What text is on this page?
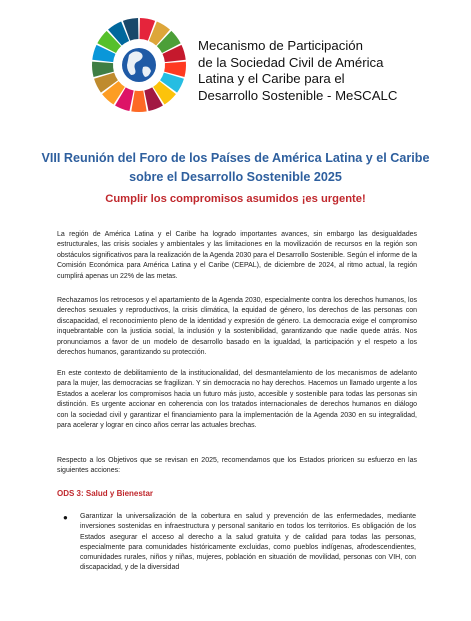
Mecanismo de Participación
de la Sociedad Civil de América
Latina y el Caribe para el
Desarrollo Sostenible - MeSCALC
VIII Reunión del Foro de los Países de América Latina y el Caribe sobre el Desarrollo Sostenible 2025
Cumplir los compromisos asumidos ¡es urgente!
La región de América Latina y el Caribe ha logrado importantes avances, sin embargo las desigualdades estructurales, las crisis sociales y ambientales y las limitaciones en la movilización de recursos en la región son obstáculos significativos para la realización de la Agenda 2030 para el Desarrollo Sostenible. Según el informe de la Comisión Económica para América Latina y el Caribe (CEPAL), de diciembre de 2024, al ritmo actual, la región cumplirá apenas un 22% de las metas.
Rechazamos los retrocesos y el apartamiento de la Agenda 2030, especialmente contra los derechos humanos, los derechos sexuales y reproductivos, la crisis climática, la equidad de género, los derechos de las personas con discapacidad, el reconocimiento pleno de la identidad y expresión de género. La democracia exige el compromiso inquebrantable con la justicia social, la inclusión y la sostenibilidad, garantizando que nadie quede atrás. Nos pronunciamos a favor de un modelo de desarrollo basado en la igualdad, la participación y el respeto a los derechos humanos, garantizando su protección.
En este contexto de debilitamiento de la institucionalidad, del desmantelamiento de los mecanismos de adelanto para la mujer, las democracias se fragilizan. Y sin democracia no hay derechos. Hacemos un llamado urgente a los Estados a acelerar los compromisos hacia un futuro más justo, accesible y sostenible para todas las personas sin distinción. Es urgente accionar en coherencia con los tratados internacionales de derechos humanos en diálogo con la sociedad civil y garantizar el financiamiento para la implementación de la Agenda 2030 en su integralidad, para acelerar y lograr en cinco años cerrar las actuales brechas.
Respecto a los Objetivos que se revisan en 2025, recomendamos que los Estados prioricen su esfuerzo en las siguientes acciones:
ODS 3: Salud y Bienestar
● Garantizar la universalización de la cobertura en salud y prevención de las enfermedades, mediante inversiones sostenidas en infraestructura y personal sanitario en todos los territorios. Es obligación de los Estados asegurar el acceso al derecho a la salud gratuita y de calidad para todas las personas, especialmente para comunidades históricamente excluidas, como pueblos indígenas, afrodescendientes, comunidades rurales, niños y niñas, mujeres, población en situación de movilidad, personas con VIH, con discapacidad, y de la diversidad
